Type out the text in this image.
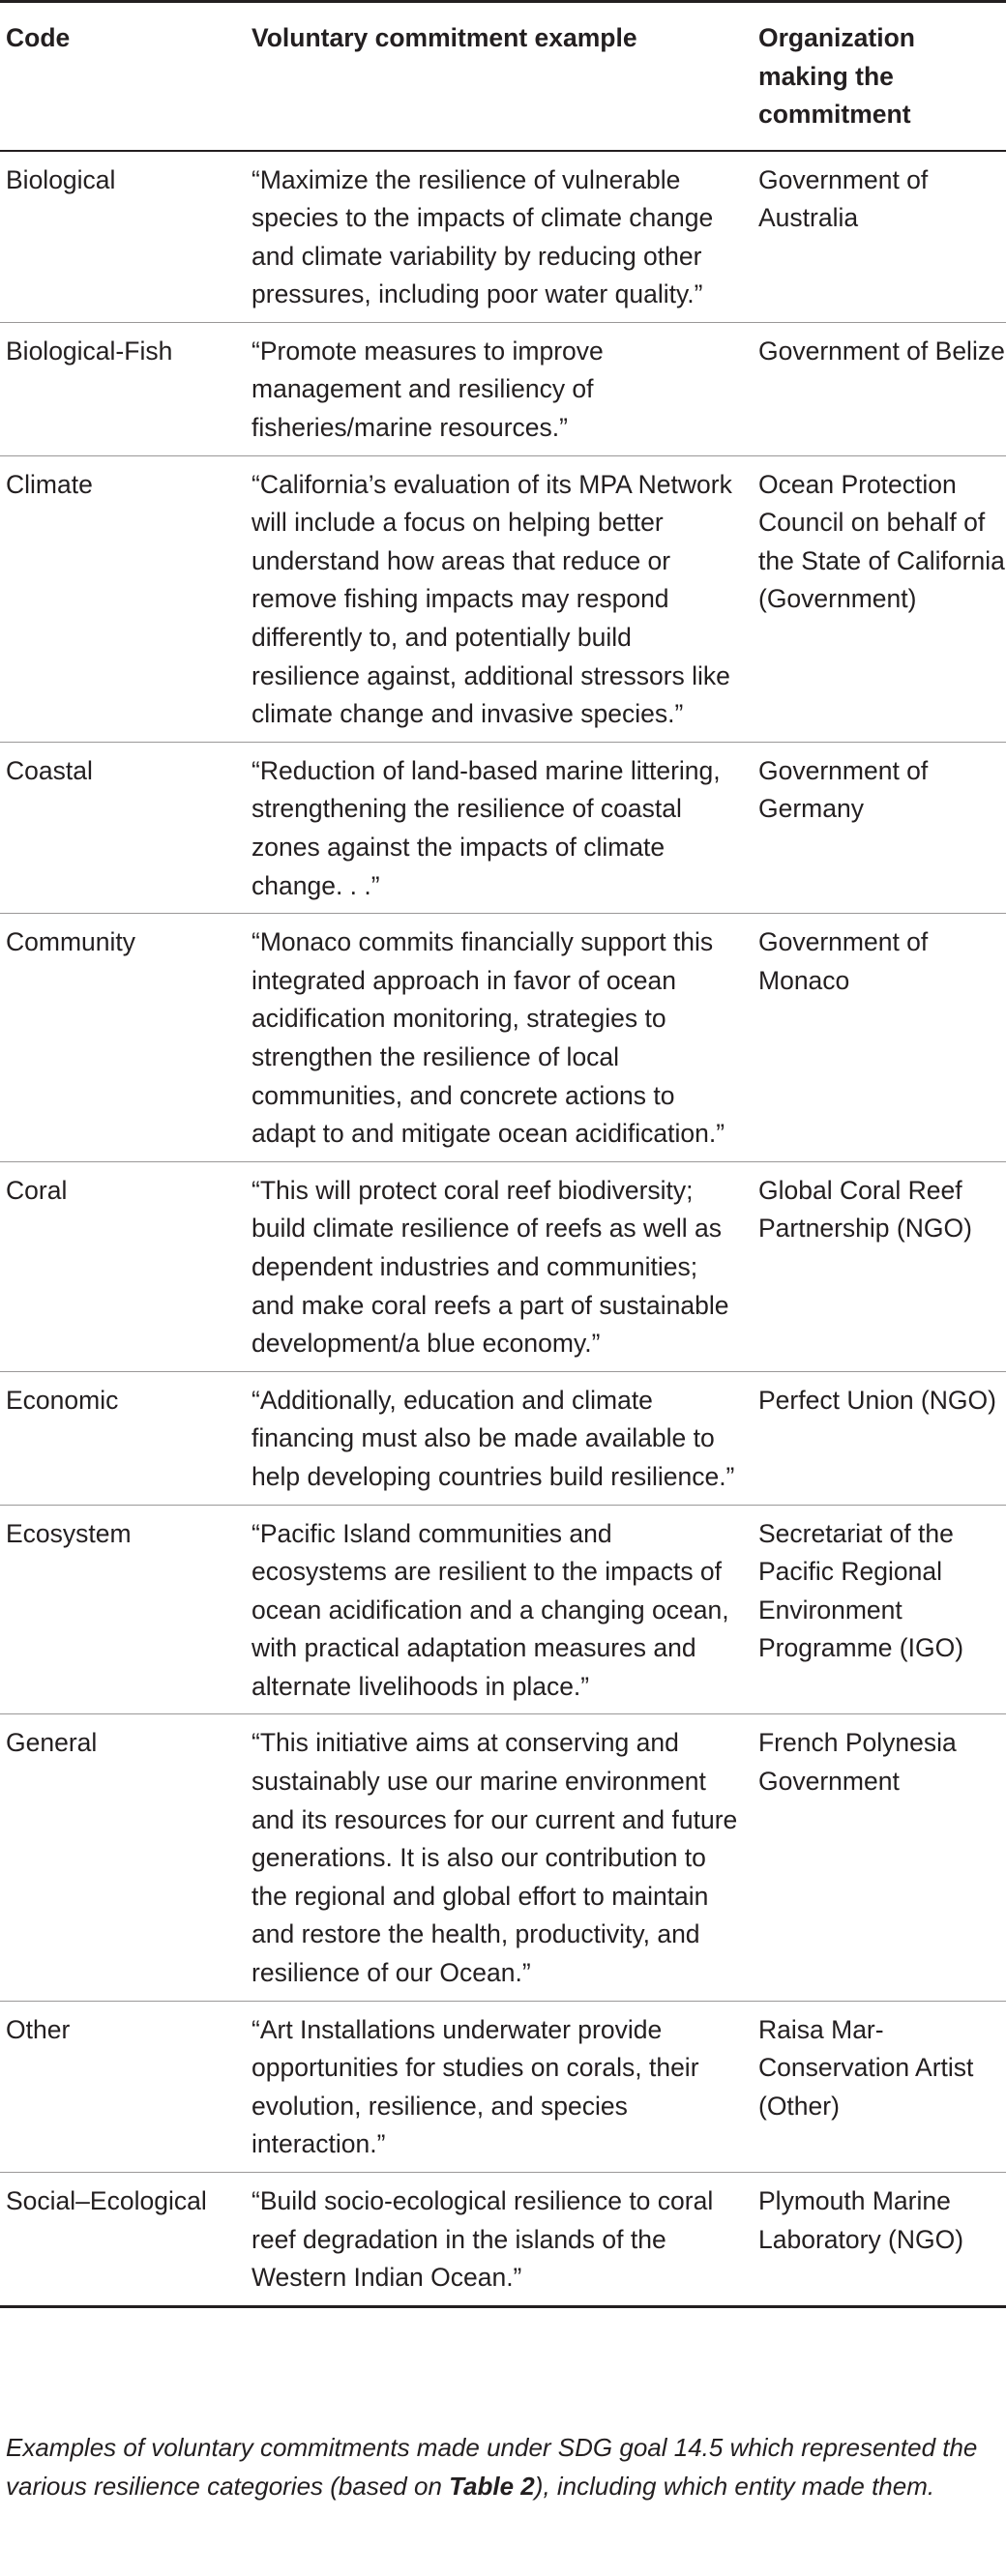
Code	Voluntary commitment example	Organization making the commitment
Biological	“Maximize the resilience of vulnerable species to the impacts of climate change and climate variability by reducing other pressures, including poor water quality.”	Government of Australia
Biological-Fish	“Promote measures to improve management and resiliency of fisheries/marine resources.”	Government of Belize
Climate	“California’s evaluation of its MPA Network will include a focus on helping better understand how areas that reduce or remove fishing impacts may respond differently to, and potentially build resilience against, additional stressors like climate change and invasive species.”	Ocean Protection Council on behalf of the State of California (Government)
Coastal	“Reduction of land-based marine littering, strengthening the resilience of coastal zones against the impacts of climate change. . .”	Government of Germany
Community	“Monaco commits financially support this integrated approach in favor of ocean acidification monitoring, strategies to strengthen the resilience of local communities, and concrete actions to adapt to and mitigate ocean acidification.”	Government of Monaco
Coral	“This will protect coral reef biodiversity; build climate resilience of reefs as well as dependent industries and communities; and make coral reefs a part of sustainable development/a blue economy.”	Global Coral Reef Partnership (NGO)
Economic	“Additionally, education and climate financing must also be made available to help developing countries build resilience.”	Perfect Union (NGO)
Ecosystem	“Pacific Island communities and ecosystems are resilient to the impacts of ocean acidification and a changing ocean, with practical adaptation measures and alternate livelihoods in place.”	Secretariat of the Pacific Regional Environment Programme (IGO)
General	“This initiative aims at conserving and sustainably use our marine environment and its resources for our current and future generations. It is also our contribution to the regional and global effort to maintain and restore the health, productivity, and resilience of our Ocean.”	French Polynesia Government
Other	“Art Installations underwater provide opportunities for studies on corals, their evolution, resilience, and species interaction.”	Raisa Mar-Conservation Artist (Other)
Social–Ecological	“Build socio-ecological resilience to coral reef degradation in the islands of the Western Indian Ocean.”	Plymouth Marine Laboratory (NGO)
Examples of voluntary commitments made under SDG goal 14.5 which represented the various resilience categories (based on Table 2), including which entity made them.
